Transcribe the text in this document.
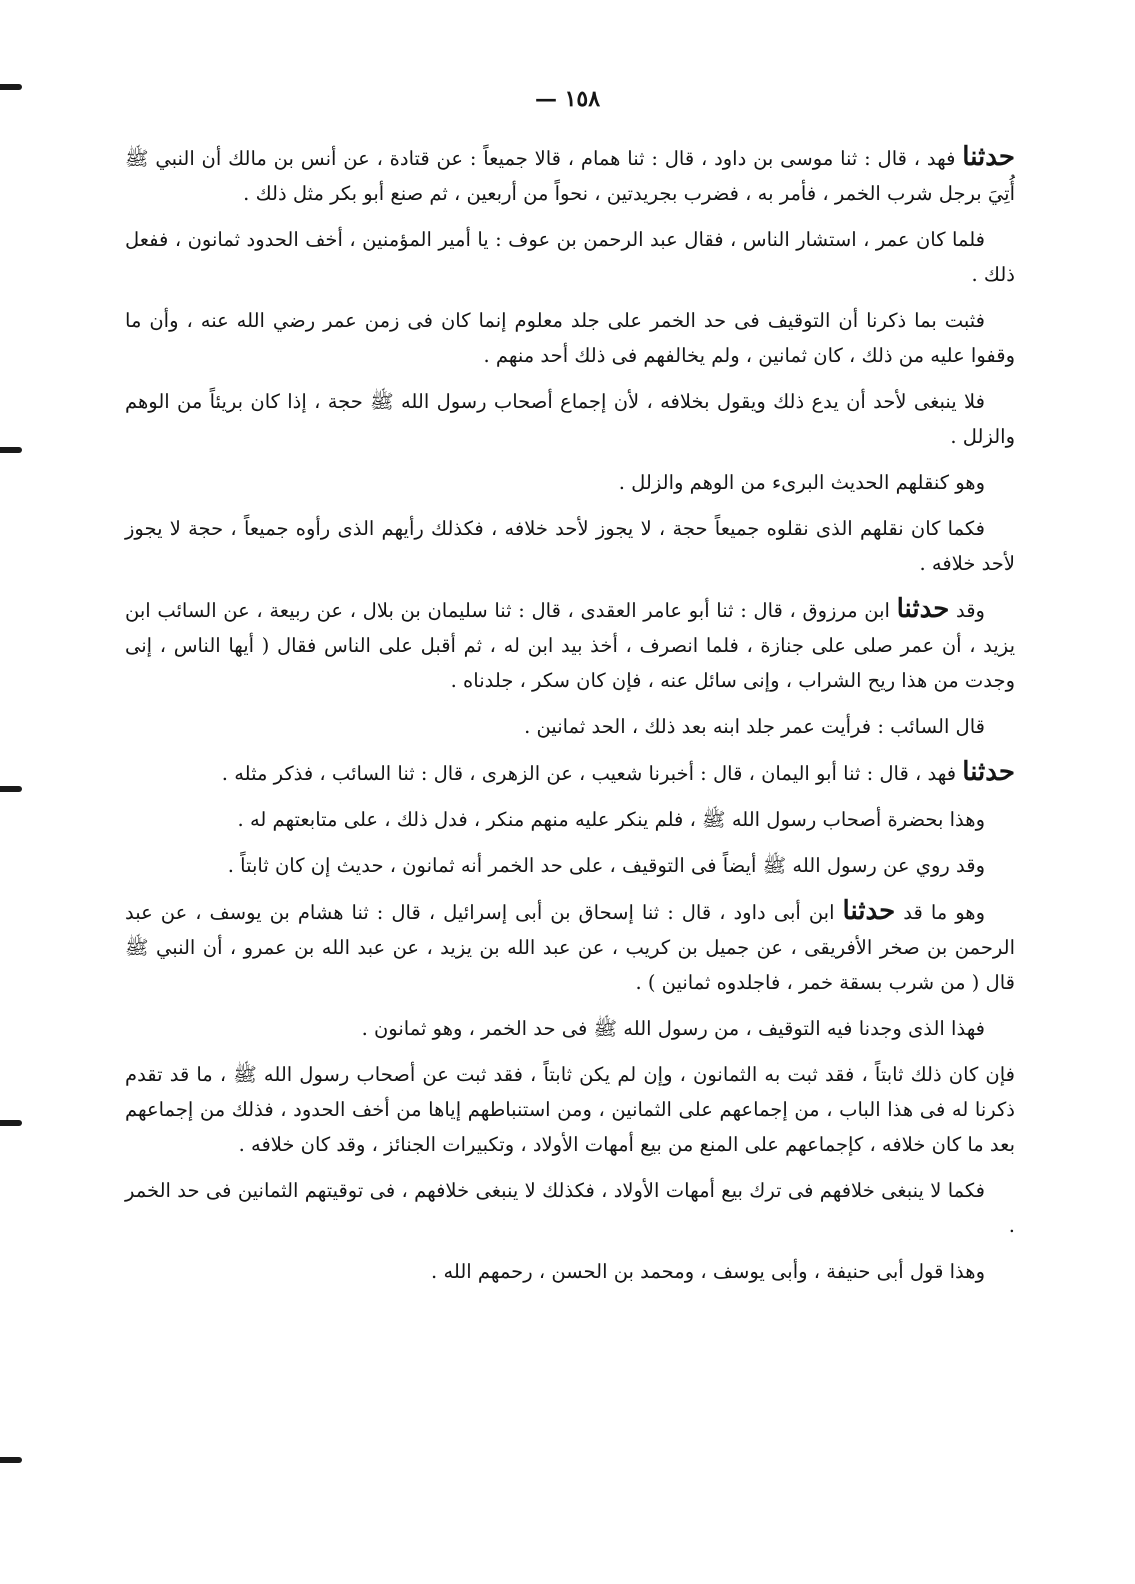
١٥٨ —

حدثنا فهد ، قال : ثنا موسى بن داود ، قال : ثنا همام ، قالا جميعاً : عن قتادة ، عن أنس بن مالك أن النبي ﷺ أُتِيَ برجل شرب الخمر ، فأمر به ، فضرب بجريدتين ، نحواً من أربعين ، ثم صنع أبو بكر مثل ذلك .

فلما كان عمر ، استشار الناس ، فقال عبد الرحمن بن عوف : يا أمير المؤمنين ، أخف الحدود ثمانون ، ففعل ذلك .

فثبت بما ذكرنا أن التوقيف فى حد الخمر على جلد معلوم إنما كان فى زمن عمر رضي الله عنه ، وأن ما وقفوا عليه من ذلك ، كان ثمانين ، ولم يخالفهم فى ذلك أحد منهم .

فلا ينبغى لأحد أن يدع ذلك ويقول بخلافه ، لأن إجماع أصحاب رسول الله ﷺ حجة ، إذا كان بريئاً من الوهم والزلل .

وهو كنقلهم الحديث البرىء من الوهم والزلل .

فكما كان نقلهم الذى نقلوه جميعاً حجة ، لا يجوز لأحد خلافه ، فكذلك رأيهم الذى رأوه جميعاً ، حجة لا يجوز لأحد خلافه .

وقد حدثنا ابن مرزوق ، قال : ثنا أبو عامر العقدى ، قال : ثنا سليمان بن بلال ، عن ربيعة ، عن السائب ابن يزيد ، أن عمر صلى على جنازة ، فلما انصرف ، أخذ بيد ابن له ، ثم أقبل على الناس فقال ( أيها الناس ، إنى وجدت من هذا ريح الشراب ، وإنى سائل عنه ، فإن كان سكر ، جلدناه .

قال السائب : فرأيت عمر جلد ابنه بعد ذلك ، الحد ثمانين .

حدثنا فهد ، قال : ثنا أبو اليمان ، قال : أخبرنا شعيب ، عن الزهرى ، قال : ثنا السائب ، فذكر مثله .

وهذا بحضرة أصحاب رسول الله ﷺ ، فلم ينكر عليه منهم منكر ، فدل ذلك ، على متابعتهم له .

وقد روي عن رسول الله ﷺ أيضاً فى التوقيف ، على حد الخمر أنه ثمانون ، حديث إن كان ثابتاً .

وهو ما قد حدثنا ابن أبى داود ، قال : ثنا إسحاق بن أبى إسرائيل ، قال : ثنا هشام بن يوسف ، عن عبد الرحمن بن صخر الأفريقى ، عن جميل بن كريب ، عن عبد الله بن يزيد ، عن عبد الله بن عمرو ، أن النبي ﷺ قال ( من شرب بسقة خمر ، فاجلدوه ثمانين ) .

فهذا الذى وجدنا فيه التوقيف ، من رسول الله ﷺ فى حد الخمر ، وهو ثمانون .

فإن كان ذلك ثابتاً ، فقد ثبت به الثمانون ، وإن لم يكن ثابتاً ، فقد ثبت عن أصحاب رسول الله ﷺ ، ما قد تقدم ذكرنا له فى هذا الباب ، من إجماعهم على الثمانين ، ومن استنباطهم إياها من أخف الحدود ، فذلك من إجماعهم بعد ما كان خلافه ، كإجماعهم على المنع من بيع أمهات الأولاد ، وتكبيرات الجنائز ، وقد كان خلافه .

فكما لا ينبغى خلافهم فى ترك بيع أمهات الأولاد ، فكذلك لا ينبغى خلافهم ، فى توقيتهم الثمانين فى حد الخمر .

وهذا قول أبى حنيفة ، وأبى يوسف ، ومحمد بن الحسن ، رحمهم الله .
